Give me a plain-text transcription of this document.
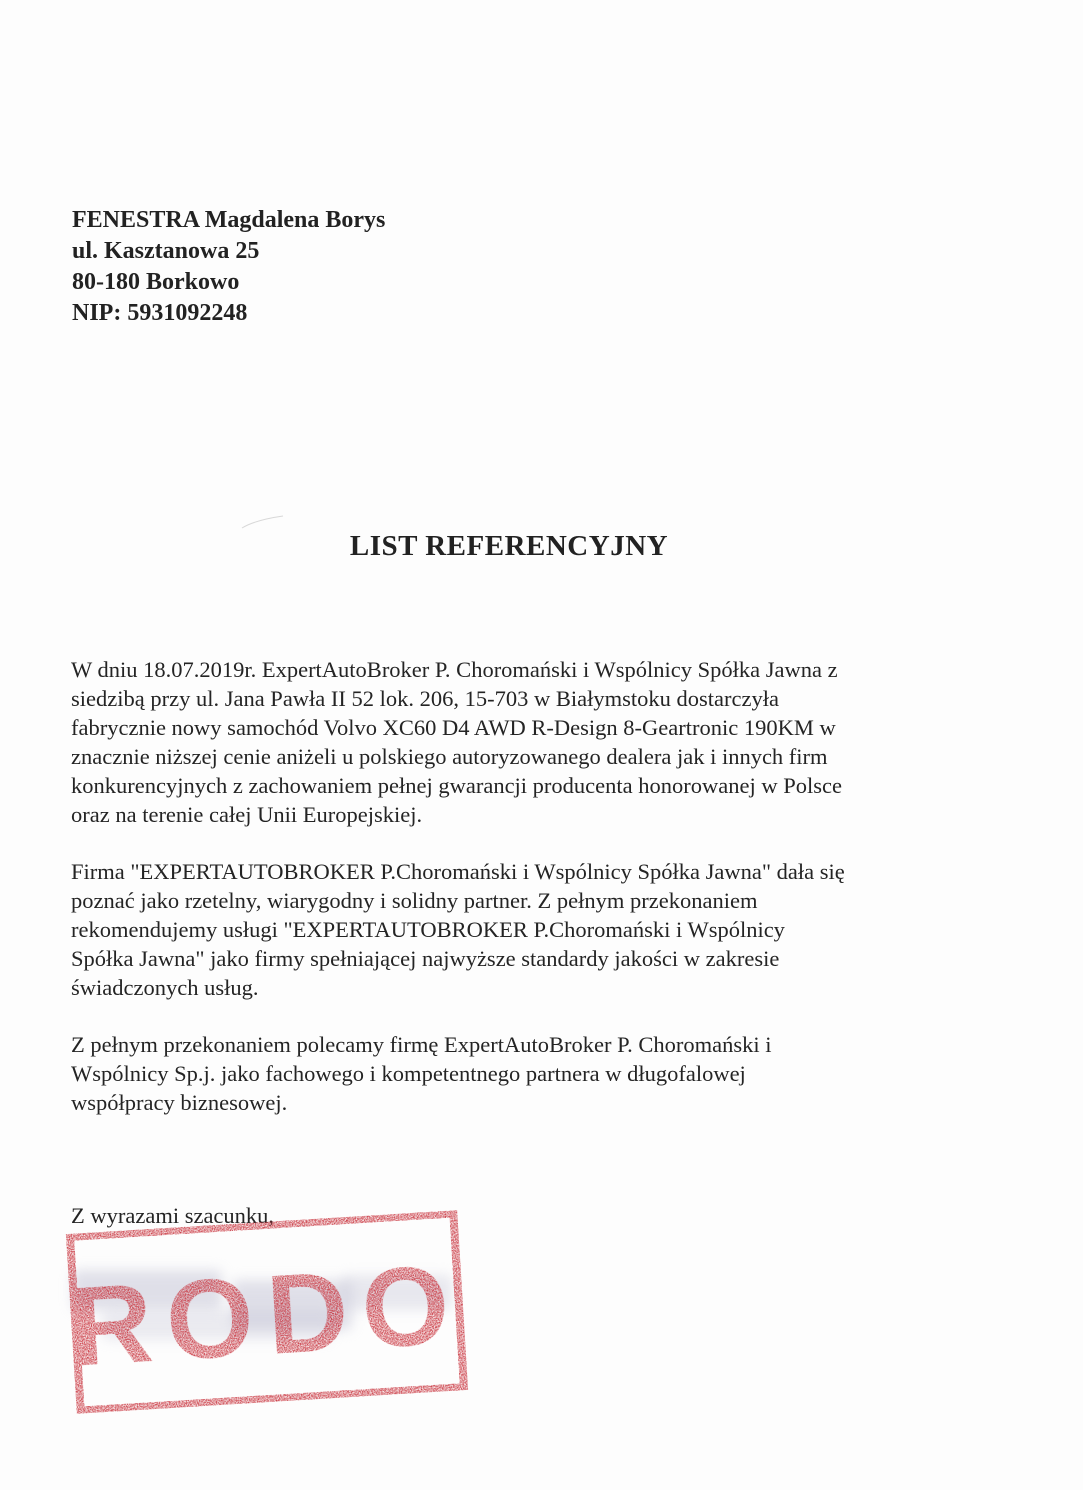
FENESTRA Magdalena Borys
ul. Kasztanowa 25
80-180 Borkowo
NIP: 5931092248
LIST REFERENCYJNY

W dniu 18.07.2019r. ExpertAutoBroker P. Choromański i Wspólnicy Spółka Jawna z
siedzibą przy ul. Jana Pawła II 52 lok. 206, 15-703 w Białymstoku dostarczyła
fabrycznie nowy samochód Volvo XC60 D4 AWD R-Design 8-Geartronic 190KM w
znacznie niższej cenie aniżeli u polskiego autoryzowanego dealera jak i innych firm
konkurencyjnych z zachowaniem pełnej gwarancji producenta honorowanej w Polsce
oraz na terenie całej Unii Europejskiej.

Firma "EXPERTAUTOBROKER P.Choromański i Wspólnicy Spółka Jawna" dała się
poznać jako rzetelny, wiarygodny i solidny partner. Z pełnym przekonaniem
rekomendujemy usługi "EXPERTAUTOBROKER P.Choromański i Wspólnicy
Spółka Jawna" jako firmy spełniającej najwyższe standardy jakości w zakresie
świadczonych usług.

Z pełnym przekonaniem polecamy firmę ExpertAutoBroker P. Choromański i
Wspólnicy Sp.j. jako fachowego i kompetentnego partnera w długofalowej
współpracy biznesowej.

Z wyrazami szacunku,
RODO
